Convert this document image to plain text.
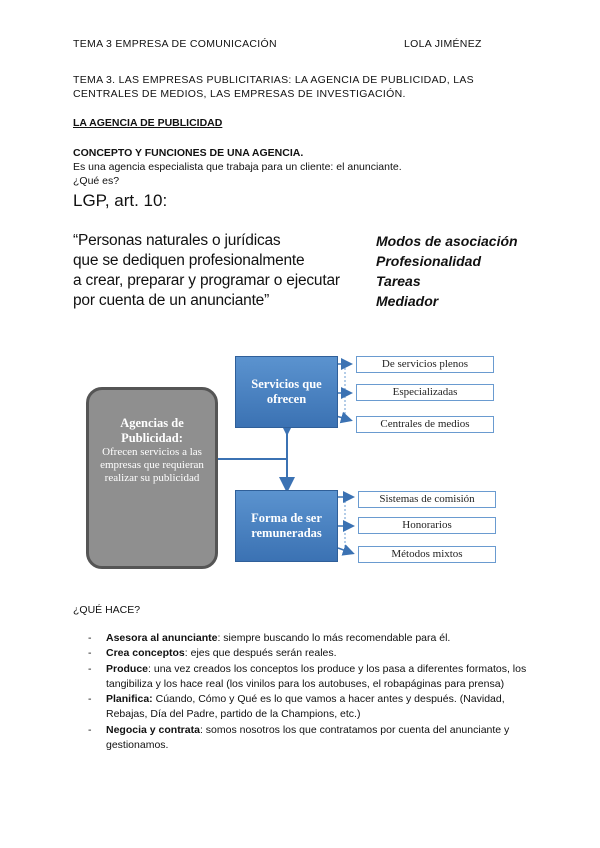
TEMA 3 EMPRESA DE COMUNICACIÓN	LOLA JIMÉNEZ
TEMA 3. LAS EMPRESAS PUBLICITARIAS: LA AGENCIA DE PUBLICIDAD, LAS
CENTRALES DE MEDIOS, LAS EMPRESAS DE INVESTIGACIÓN.
LA AGENCIA DE PUBLICIDAD
CONCEPTO Y FUNCIONES DE UNA AGENCIA.
Es una agencia especialista que trabaja para un cliente: el anunciante.
¿Qué es?
LGP, art. 10:
“Personas naturales o jurídicas
que se dediquen profesionalmente
a crear, preparar y programar o ejecutar
por cuenta de un anunciante”
Modos de asociación
Profesionalidad
Tareas
Mediador
Agencias de Publicidad:
Ofrecen servicios a las empresas que requieran realizar su publicidad
Servicios que ofrecen
Forma de ser remuneradas
De servicios plenos
Especializadas
Centrales de medios
Sistemas de comisión
Honorarios
Métodos mixtos
¿QUÉ HACE?
- Asesora al anunciante: siempre buscando lo más recomendable para él.
- Crea conceptos: ejes que después serán reales.
- Produce: una vez creados los conceptos los produce y los pasa a diferentes formatos, los tangibiliza y los hace real (los vinilos para los autobuses, el robapáginas para prensa)
- Planifica: Cúando, Cómo y Qué es lo que vamos a hacer antes y después. (Navidad, Rebajas, Día del Padre, partido de la Champions, etc.)
- Negocia y contrata: somos nosotros los que contratamos por cuenta del anunciante y gestionamos.
